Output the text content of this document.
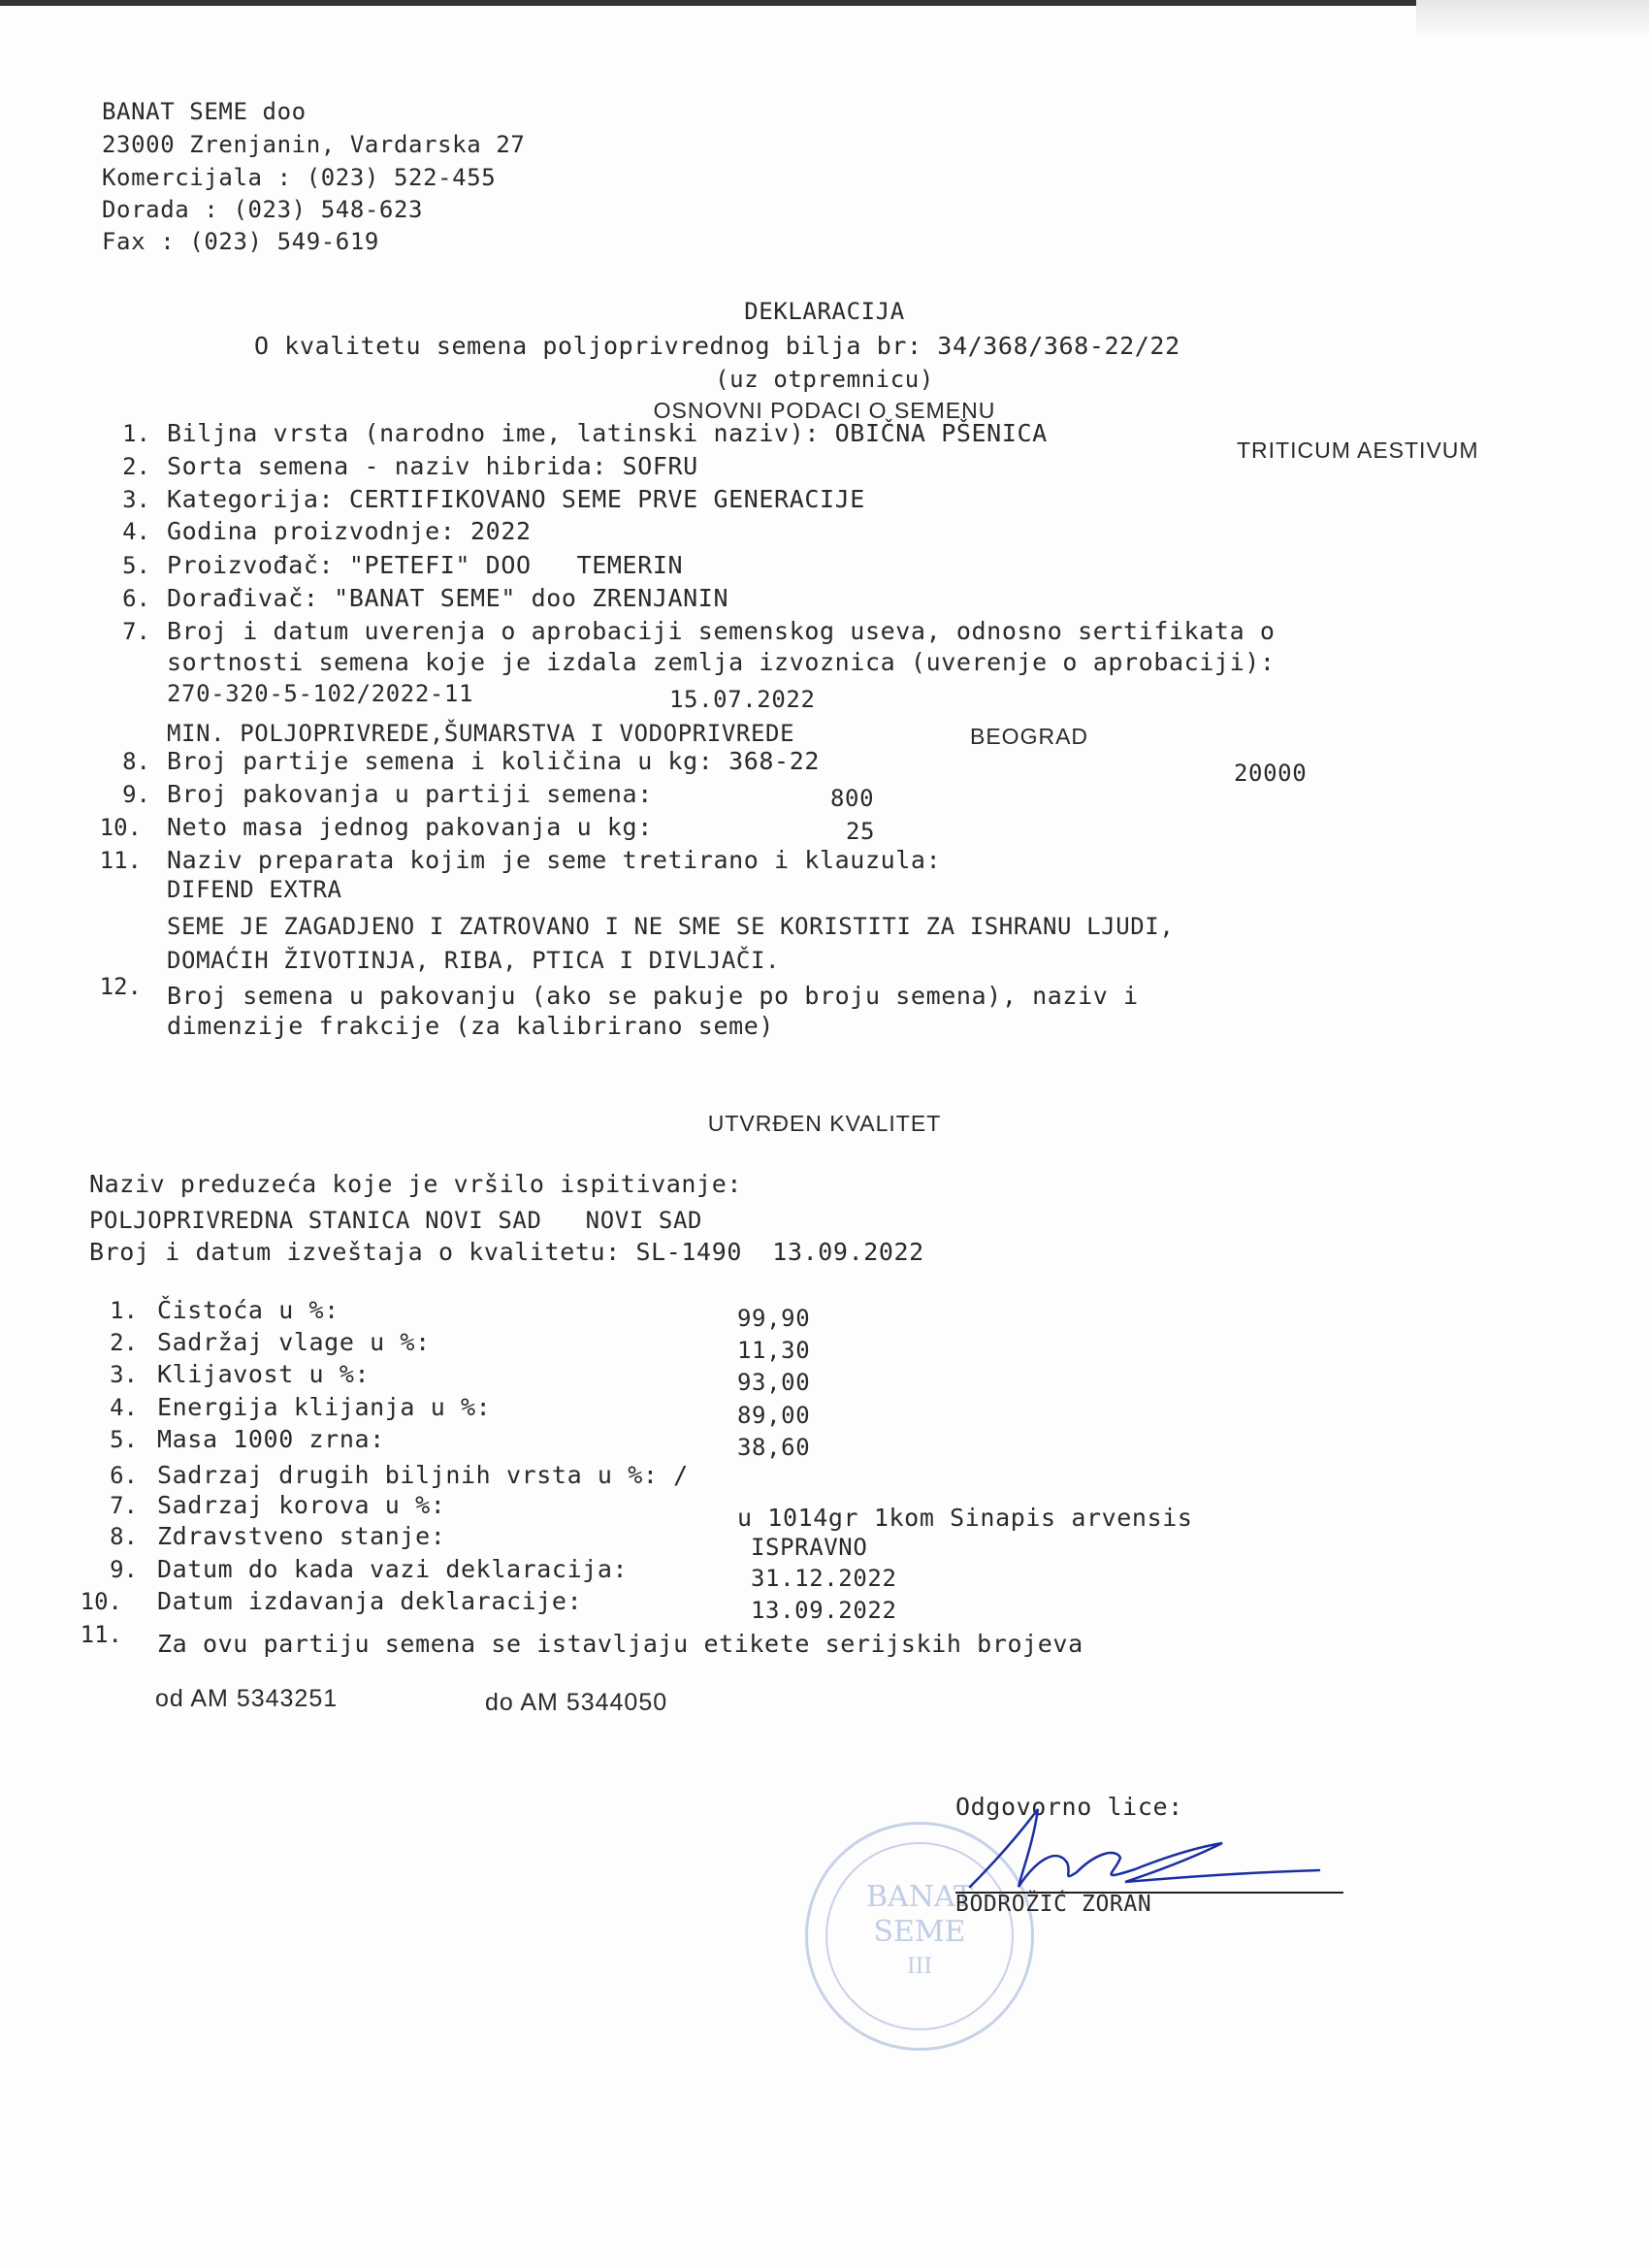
BANAT SEME doo
23000 Zrenjanin, Vardarska 27
Komercijala : (023) 522-455
Dorada : (023) 548-623
Fax : (023) 549-619
DEKLARACIJA
O kvalitetu semena poljoprivrednog bilja br: 34/368/368-22/22
(uz otpremnicu)
OSNOVNI PODACI O SEMENU
1. Biljna vrsta (narodno ime, latinski naziv): OBIČNA PŠENICA
TRITICUM AESTIVUM
2. Sorta semena - naziv hibrida: SOFRU
3. Kategorija: CERTIFIKOVANO SEME PRVE GENERACIJE
4. Godina proizvodnje: 2022
5. Proizvođač: "PETEFI" DOO   TEMERIN
6. Dorađivač: "BANAT SEME" doo ZRENJANIN
7. Broj i datum uverenja o aprobaciji semenskog useva, odnosno sertifikata o
sortnosti semena koje je izdala zemlja izvoznica (uverenje o aprobaciji):
270-320-5-102/2022-11	15.07.2022
MIN. POLJOPRIVREDE,ŠUMARSTVA I VODOPRIVREDE	BEOGRAD
8. Broj partije semena i količina u kg: 368-22	20000
9. Broj pakovanja u partiji semena:	800
10. Neto masa jednog pakovanja u kg:	25
11. Naziv preparata kojim je seme tretirano i klauzula:
DIFEND EXTRA
SEME JE ZAGADJENO I ZATROVANO I NE SME SE KORISTITI ZA ISHRANU LJUDI,
DOMAĆIH ŽIVOTINJA, RIBA, PTICA I DIVLJAČI.
12. Broj semena u pakovanju (ako se pakuje po broju semena), naziv i
dimenzije frakcije (za kalibrirano seme)
UTVRĐEN KVALITET
Naziv preduzeća koje je vršilo ispitivanje:
POLJOPRIVREDNA STANICA NOVI SAD   NOVI SAD
Broj i datum izveštaja o kvalitetu: SL-1490  13.09.2022
1. Čistoća u %:	99,90
2. Sadržaj vlage u %:	11,30
3. Klijavost u %:	93,00
4. Energija klijanja u %:	89,00
5. Masa 1000 zrna:	38,60
6. Sadrzaj drugih biljnih vrsta u %: /
7. Sadrzaj korova u %:	u 1014gr 1kom Sinapis arvensis
8. Zdravstveno stanje:	ISPRAVNO
9. Datum do kada vazi deklaracija:	31.12.2022
10. Datum izdavanja deklaracije:	13.09.2022
11. Za ovu partiju semena se istavljaju etikete serijskih brojeva
od AM 5343251	do AM 5344050
BANAT
SEME
III
Odgovorno lice:
BODROŽIĆ ZORAN
